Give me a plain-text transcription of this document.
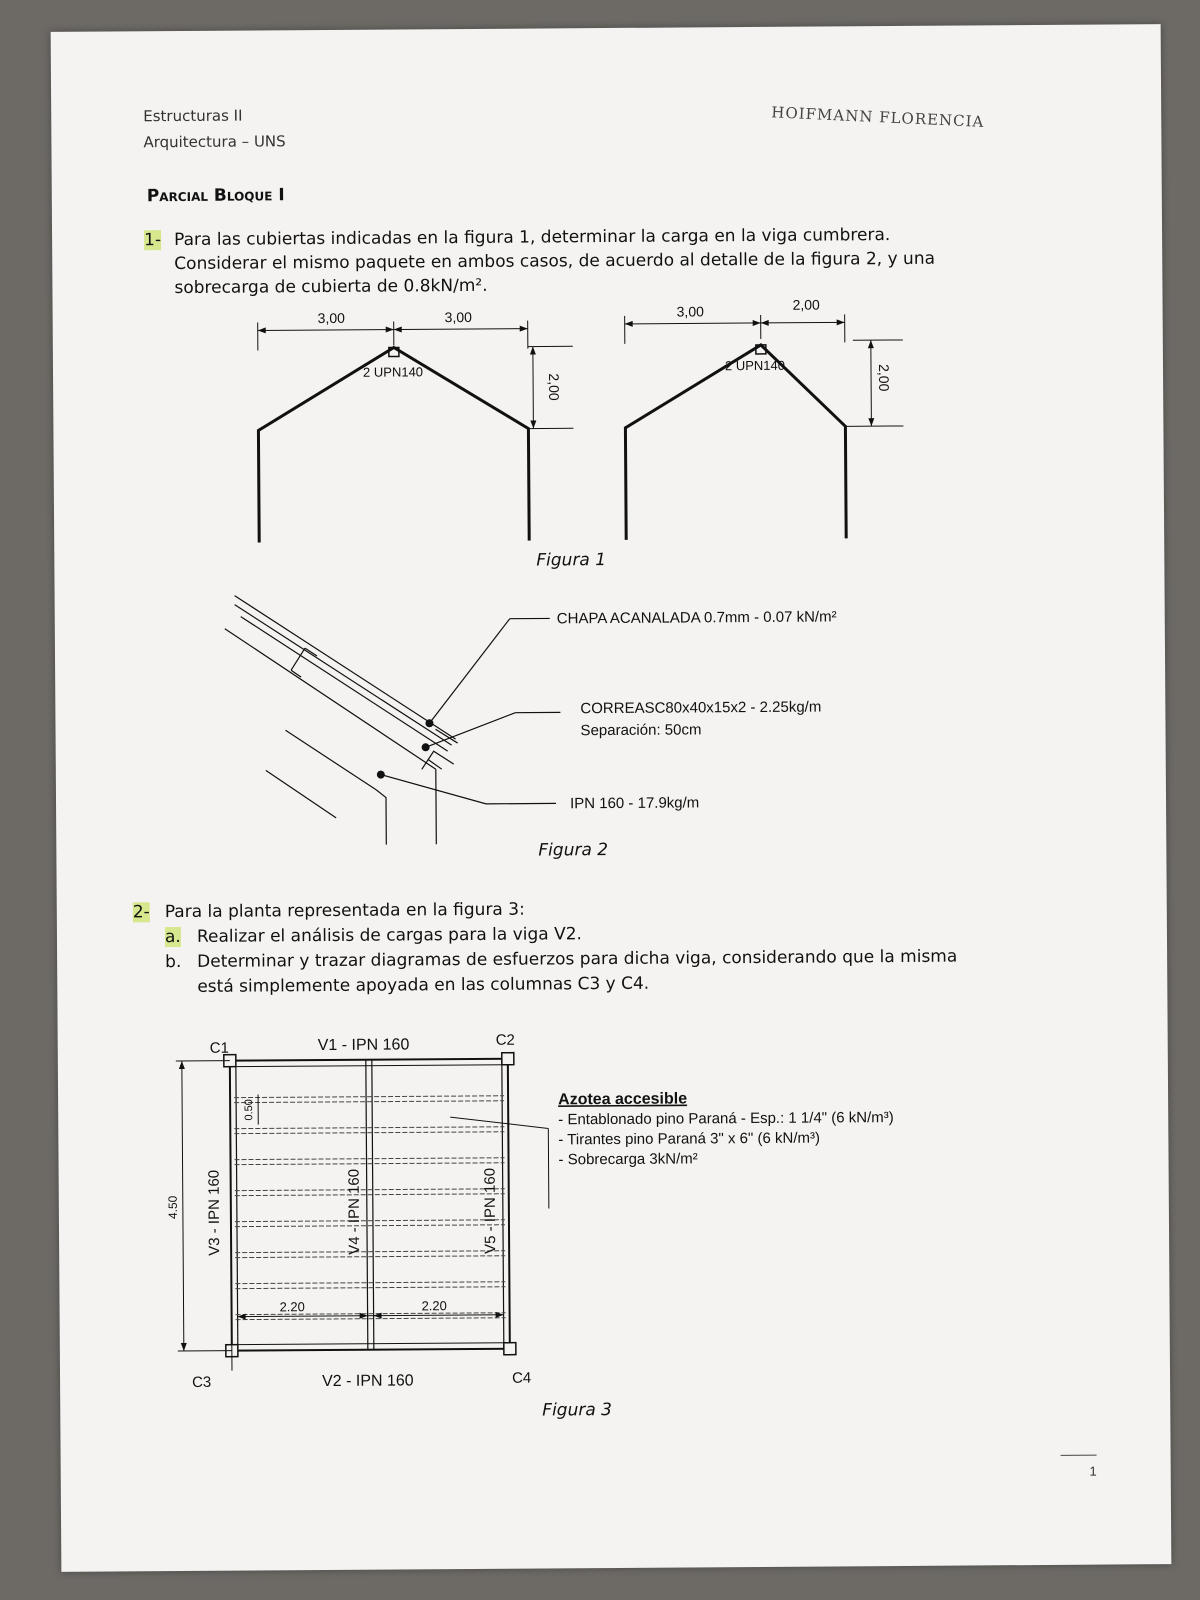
Estructuras II
Arquitectura – UNS
HOIFMANN FLORENCIA
Parcial Bloque I
1- Para las cubiertas indicadas en la figura 1, determinar la carga en la viga cumbrera.
Considerar el mismo paquete en ambos casos, de acuerdo al detalle de la figura 2, y una
sobrecarga de cubierta de 0.8kN/m².
2- Para la planta representada en la figura 3:
a. Realizar el análisis de cargas para la viga V2.
b. Determinar y trazar diagramas de esfuerzos para dicha viga, considerando que la misma
está simplemente apoyada en las columnas C3 y C4.
Figura 1
Figura 2
Figura 3
3,00	3,00
2 UPN140
2,00
3,00	2,00
2 UPN140	2,00
CHAPA ACANALADA 0.7mm - 0.07 kN/m²
CORREASC80x40x15x2 - 2.25kg/m
Separación: 50cm
IPN 160 - 17.9kg/m
C1	C2
C3	C4
V1 - IPN 160
V2 - IPN 160
V3 - IPN 160	V4 - IPN 160	V5 - IPN 160
4.50
0.50
2.20	2.20
Azotea accesible
- Entablonado pino Paraná - Esp.: 1 1/4" (6 kN/m³)
- Tirantes pino Paraná 3" x 6" (6 kN/m³)
- Sobrecarga 3kN/m²
1
